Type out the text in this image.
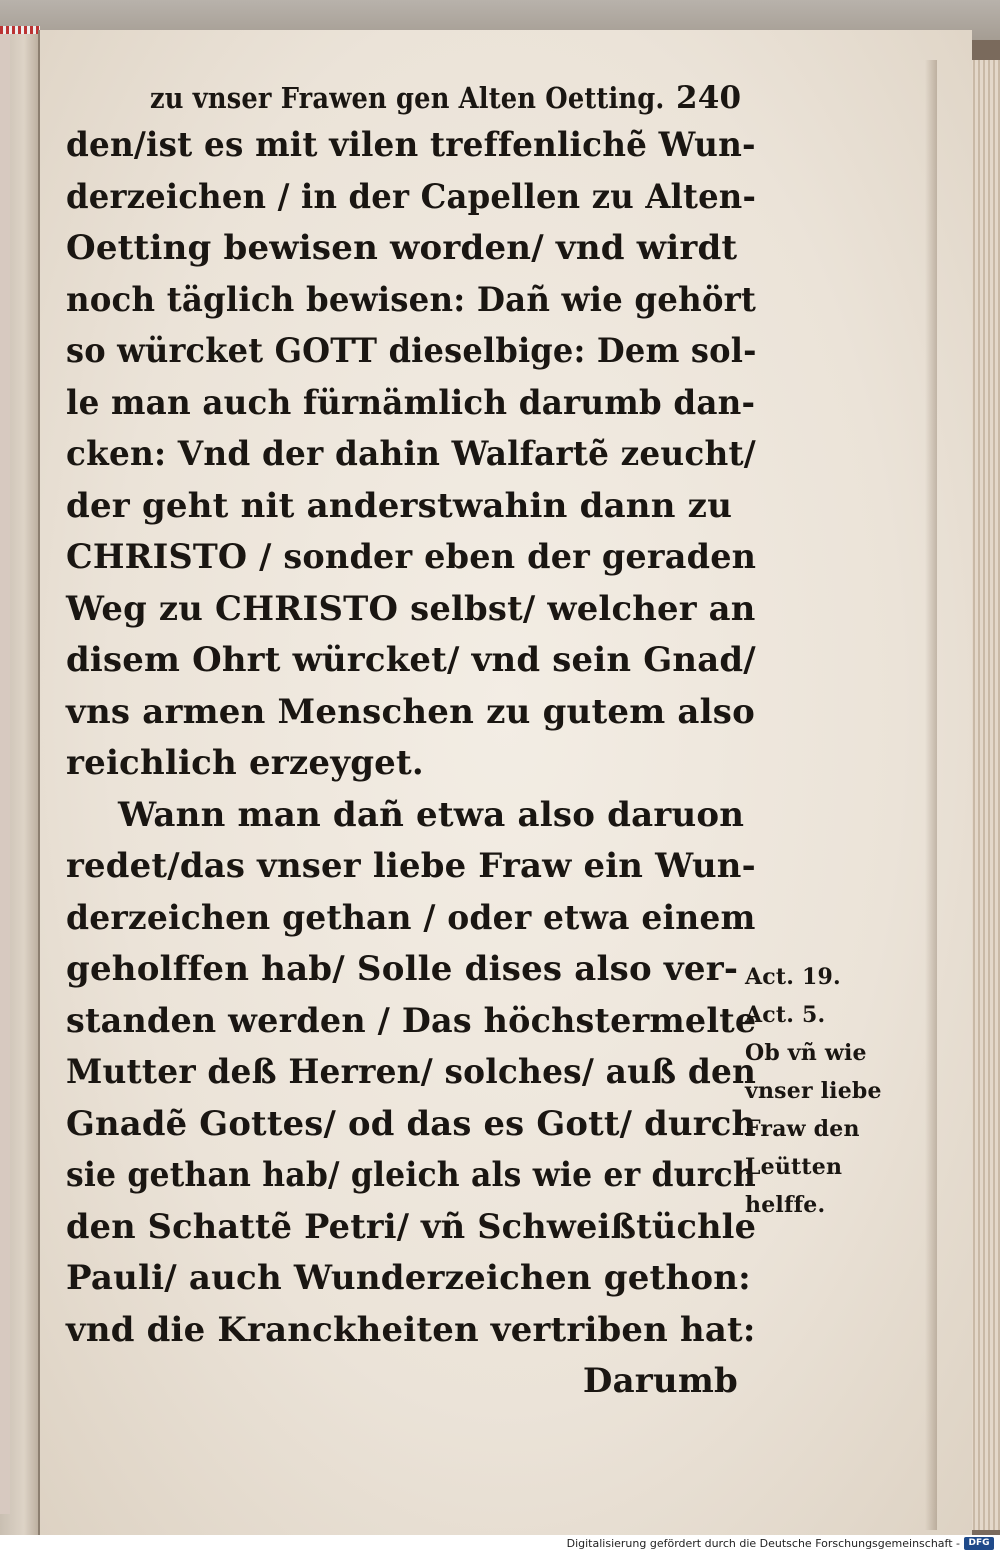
zu vnser Frawen gen Alten Oetting. 240
den/ist es mit vilen treffenlichẽ Wun-
derzeichen / in der Capellen zu Alten-
Oetting bewisen worden/ vnd wirdt
noch täglich bewisen: Dañ wie gehört
so würcket GOTT dieselbige: Dem sol-
le man auch fürnämlich darumb dan-
cken: Vnd der dahin Walfartẽ zeucht/
der geht nit anderstwahin dann zu
CHRISTO / sonder eben der geraden
Weg zu CHRISTO selbst/ welcher an
disem Ohrt würcket/ vnd sein Gnad/
vns armen Menschen zu gutem also
reichlich erzeyget.
Wann man dañ etwa also daruon
redet/das vnser liebe Fraw ein Wun-
derzeichen gethan / oder etwa einem
geholffen hab/ Solle dises also ver-
standen werden / Das höchstermelte
Mutter deß Herren/ solches/ auß den
Gnadẽ Gottes/ od das es Gott/ durch
sie gethan hab/ gleich als wie er durch
den Schattẽ Petri/ vñ Schweißtüchle
Pauli/ auch Wunderzeichen gethon:
vnd die Kranckheiten vertriben hat:
Darumb
Act. 19.
Act. 5.
Ob vñ wie
vnser liebe
Fraw den
Leütten
helffe.
Digitalisierung gefördert durch die Deutsche Forschungsgemeinschaft - DFG
